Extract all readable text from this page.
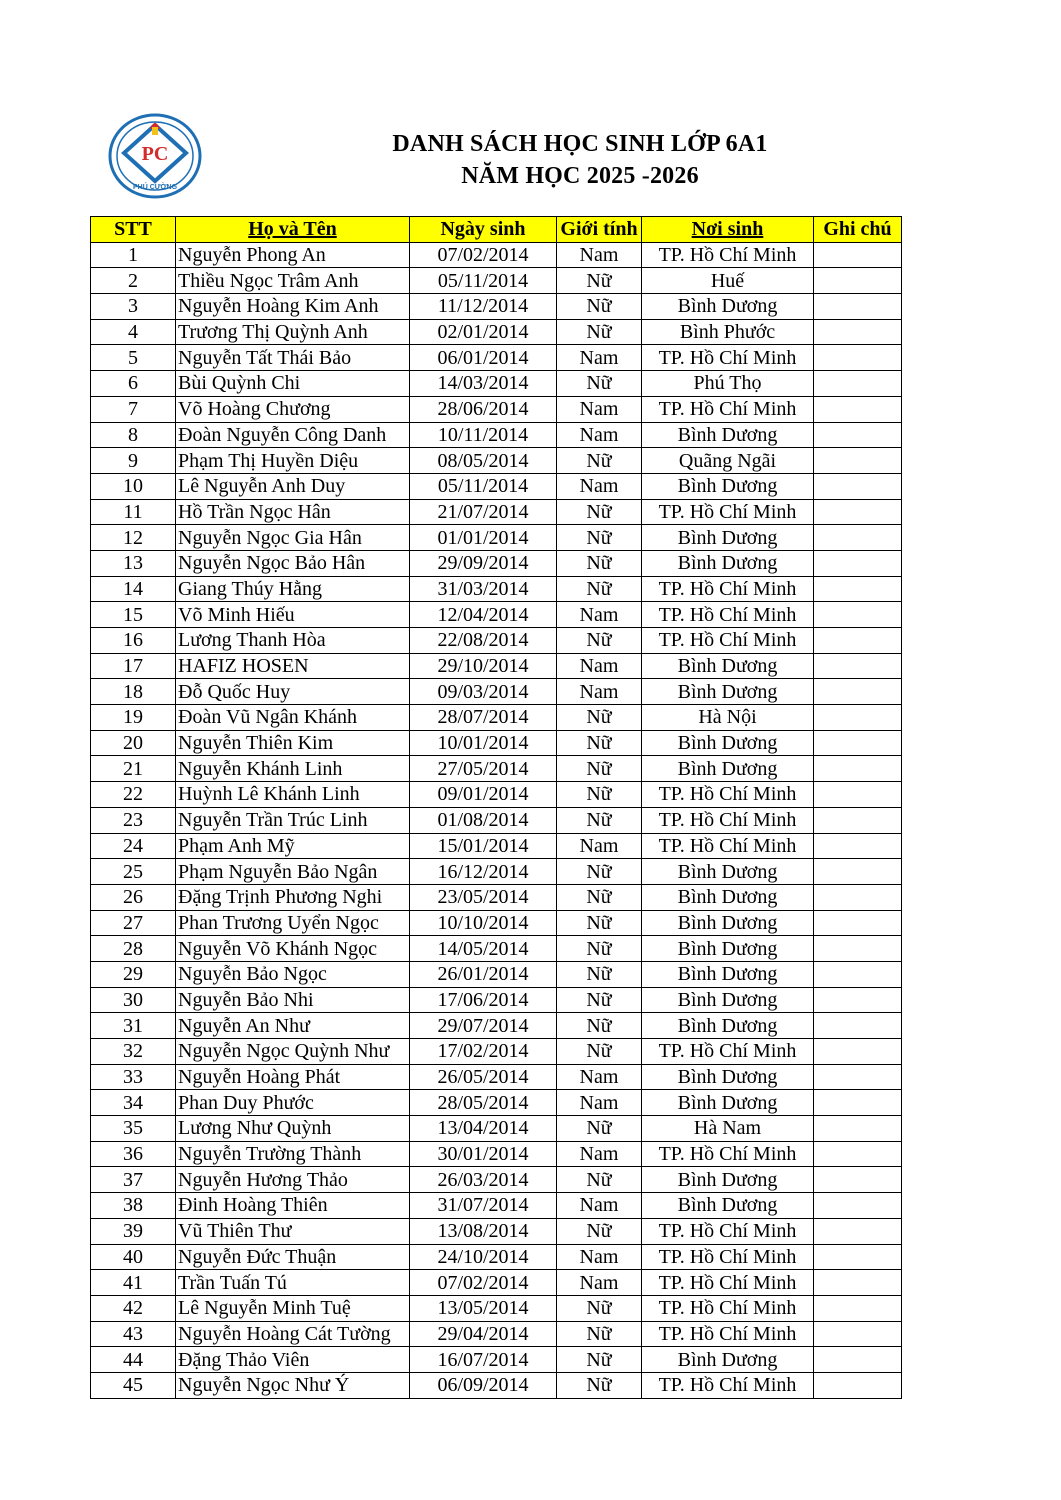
PC
PHÚ CƯỜNG
DANH SÁCH HỌC SINH LỚP 6A1
NĂM HỌC 2025 -2026
STT	Họ và Tên	Ngày sinh	Giới tính	Nơi sinh	Ghi chú
1	Nguyễn Phong An	07/02/2014	Nam	TP. Hồ Chí Minh	
2	Thiều Ngọc Trâm Anh	05/11/2014	Nữ	Huế	
3	Nguyễn Hoàng Kim Anh	11/12/2014	Nữ	Bình Dương	
4	Trương Thị Quỳnh Anh	02/01/2014	Nữ	Bình Phước	
5	Nguyễn Tất Thái Bảo	06/01/2014	Nam	TP. Hồ Chí Minh	
6	Bùi Quỳnh Chi	14/03/2014	Nữ	Phú Thọ	
7	Võ Hoàng Chương	28/06/2014	Nam	TP. Hồ Chí Minh	
8	Đoàn Nguyễn Công Danh	10/11/2014	Nam	Bình Dương	
9	Phạm Thị Huyền Diệu	08/05/2014	Nữ	Quãng Ngãi	
10	Lê Nguyễn Anh Duy	05/11/2014	Nam	Bình Dương	
11	Hồ Trần Ngọc Hân	21/07/2014	Nữ	TP. Hồ Chí Minh	
12	Nguyễn Ngọc Gia Hân	01/01/2014	Nữ	Bình Dương	
13	Nguyễn Ngọc Bảo Hân	29/09/2014	Nữ	Bình Dương	
14	Giang Thúy Hằng	31/03/2014	Nữ	TP. Hồ Chí Minh	
15	Võ Minh Hiếu	12/04/2014	Nam	TP. Hồ Chí Minh	
16	Lương Thanh Hòa	22/08/2014	Nữ	TP. Hồ Chí Minh	
17	HAFIZ HOSEN	29/10/2014	Nam	Bình Dương	
18	Đỗ Quốc Huy	09/03/2014	Nam	Bình Dương	
19	Đoàn Vũ Ngân Khánh	28/07/2014	Nữ	Hà Nội	
20	Nguyễn Thiên Kim	10/01/2014	Nữ	Bình Dương	
21	Nguyễn Khánh Linh	27/05/2014	Nữ	Bình Dương	
22	Huỳnh Lê Khánh Linh	09/01/2014	Nữ	TP. Hồ Chí Minh	
23	Nguyễn Trần Trúc Linh	01/08/2014	Nữ	TP. Hồ Chí Minh	
24	Phạm Anh Mỹ	15/01/2014	Nam	TP. Hồ Chí Minh	
25	Phạm Nguyễn Bảo Ngân	16/12/2014	Nữ	Bình Dương	
26	Đặng Trịnh Phương Nghi	23/05/2014	Nữ	Bình Dương	
27	Phan Trương Uyển Ngọc	10/10/2014	Nữ	Bình Dương	
28	Nguyễn Võ Khánh Ngọc	14/05/2014	Nữ	Bình Dương	
29	Nguyễn Bảo Ngọc	26/01/2014	Nữ	Bình Dương	
30	Nguyễn Bảo Nhi	17/06/2014	Nữ	Bình Dương	
31	Nguyễn An Như	29/07/2014	Nữ	Bình Dương	
32	Nguyễn Ngọc Quỳnh Như	17/02/2014	Nữ	TP. Hồ Chí Minh	
33	Nguyễn Hoàng Phát	26/05/2014	Nam	Bình Dương	
34	Phan Duy Phước	28/05/2014	Nam	Bình Dương	
35	Lương Như Quỳnh	13/04/2014	Nữ	Hà Nam	
36	Nguyễn Trường Thành	30/01/2014	Nam	TP. Hồ Chí Minh	
37	Nguyễn Hương Thảo	26/03/2014	Nữ	Bình Dương	
38	Đinh Hoàng Thiên	31/07/2014	Nam	Bình Dương	
39	Vũ Thiên Thư	13/08/2014	Nữ	TP. Hồ Chí Minh	
40	Nguyễn Đức Thuận	24/10/2014	Nam	TP. Hồ Chí Minh	
41	Trần Tuấn Tú	07/02/2014	Nam	TP. Hồ Chí Minh	
42	Lê Nguyễn Minh Tuệ	13/05/2014	Nữ	TP. Hồ Chí Minh	
43	Nguyễn Hoàng Cát Tường	29/04/2014	Nữ	TP. Hồ Chí Minh	
44	Đặng Thảo Viên	16/07/2014	Nữ	Bình Dương	
45	Nguyễn Ngọc Như Ý	06/09/2014	Nữ	TP. Hồ Chí Minh	
